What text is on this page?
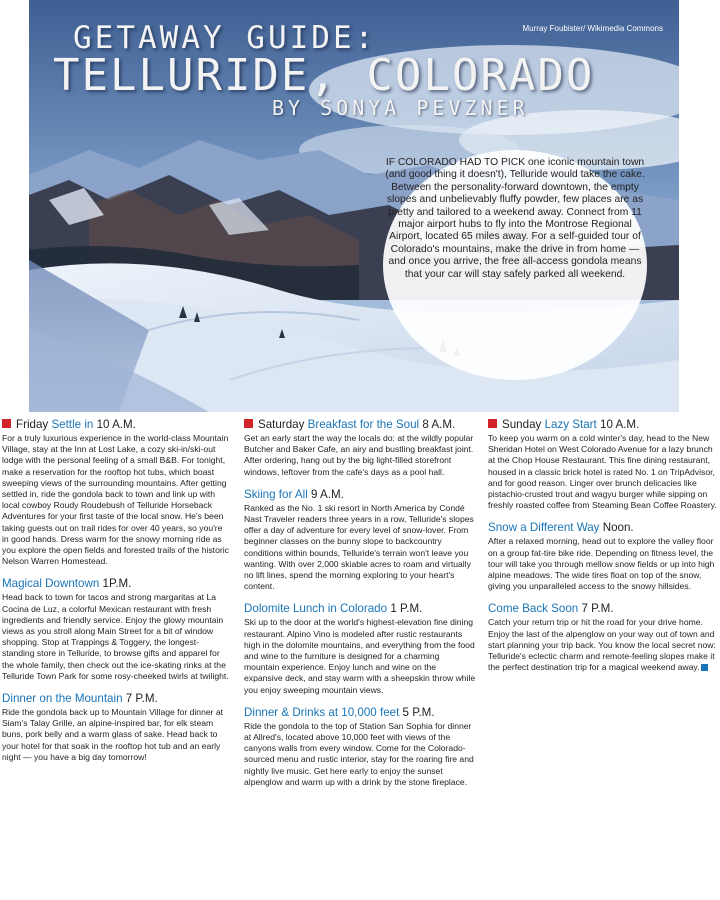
Murray Foubister/ Wikimedia Commons
GETAWAY GUIDE:
TELLURIDE, COLORADO
BY SONYA PEVZNER
IF COLORADO HAD TO PICK one iconic mountain town (and good thing it doesn't), Telluride would take the cake. Between the personality-forward downtown, the empty slopes and unbelievably fluffy powder, few places are as pretty and tailored to a weekend away. Connect from 11 major airport hubs to fly into the Montrose Regional Airport, located 65 miles away. For a self-guided tour of Colorado's mountains, make the drive in from home — and once you arrive, the free all-access gondola means that your car will stay safely parked all weekend.
Friday Settle in 10 A.M.
For a truly luxurious experience in the world-class Mountain Village, stay at the Inn at Lost Lake, a cozy ski-in/ski-out lodge with the personal feeling of a small B&B. For tonight, make a reservation for the rooftop hot tubs, which boast sweeping views of the surrounding mountains. After getting settled in, ride the gondola back to town and link up with local cowboy Roudy Roudebush of Telluride Horseback Adventures for your first taste of the local snow. He's been taking guests out on trail rides for over 40 years, so you're in good hands. Dress warm for the snowy morning ride as you explore the open fields and forested trails of the historic Nelson Warren Homestead.
Magical Downtown 1P.M.
Head back to town for tacos and strong margaritas at La Cocina de Luz, a colorful Mexican restaurant with fresh ingredients and friendly service. Enjoy the glowy mountain views as you stroll along Main Street for a bit of window shopping. Stop at Trappings & Toggery, the longest-standing store in Telluride, to browse gifts and apparel for the whole family, then check out the ice-skating rinks at the Telluride Town Park for some rosy-cheeked twirls at twilight.
Dinner on the Mountain 7 P.M.
Ride the gondola back up to Mountain Village for dinner at Siam's Talay Grille, an alpine-inspired bar, for elk steam buns, pork belly and a warm glass of sake. Head back to your hotel for that soak in the rooftop hot tub and an early night — you have a big day tomorrow!
Saturday Breakfast for the Soul 8 A.M.
Get an early start the way the locals do: at the wildly popular Butcher and Baker Cafe, an airy and bustling breakfast joint. After ordering, hang out by the big light-filled storefront windows, leftover from the cafe's days as a pool hall.
Skiing for All 9 A.M.
Ranked as the No. 1 ski resort in North America by Condé Nast Traveler readers three years in a row, Telluride's slopes offer a day of adventure for every level of snow-lover. From beginner classes on the bunny slope to backcountry conditions within bounds, Telluride's terrain won't leave you wanting. With over 2,000 skiable acres to roam and virtually no lift lines, spend the morning exploring to your heart's content.
Dolomite Lunch in Colorado 1 P.M.
Ski up to the door at the world's highest-elevation fine dining restaurant. Alpino Vino is modeled after rustic restaurants high in the dolomite mountains, and everything from the food and wine to the furniture is designed for a charming mountain experience. Enjoy lunch and wine on the expansive deck, and stay warm with a sheepskin throw while you enjoy sweeping mountain views.
Dinner & Drinks at 10,000 feet 5 P.M.
Ride the gondola to the top of Station San Sophia for dinner at Allred's, located above 10,000 feet with views of the canyons walls from every window. Come for the Colorado-sourced menu and rustic interior, stay for the roaring fire and nightly live music. Get here early to enjoy the sunset alpenglow and warm up with a drink by the stone fireplace.
Sunday Lazy Start 10 A.M.
To keep you warm on a cold winter's day, head to the New Sheridan Hotel on West Colorado Avenue for a lazy brunch at the Chop House Restaurant. This fine dining restaurant, housed in a classic brick hotel is rated No. 1 on TripAdvisor, and for good reason. Linger over brunch delicacies like pistachio-crusted trout and wagyu burger while sipping on freshly roasted coffee from Steaming Bean Coffee Roastery.
Snow a Different Way Noon.
After a relaxed morning, head out to explore the valley floor on a group fat-tire bike ride. Depending on fitness level, the tour will take you through mellow snow fields or up into high alpine meadows. The wide tires float on top of the snow, giving you unparalleled access to the snowy hillsides.
Come Back Soon 7 P.M.
Catch your return trip or hit the road for your drive home. Enjoy the last of the alpenglow on your way out of town and start planning your trip back. You know the local secret now: Telluride's eclectic charm and remote-feeling slopes make it the perfect destination trip for a magical weekend away.
